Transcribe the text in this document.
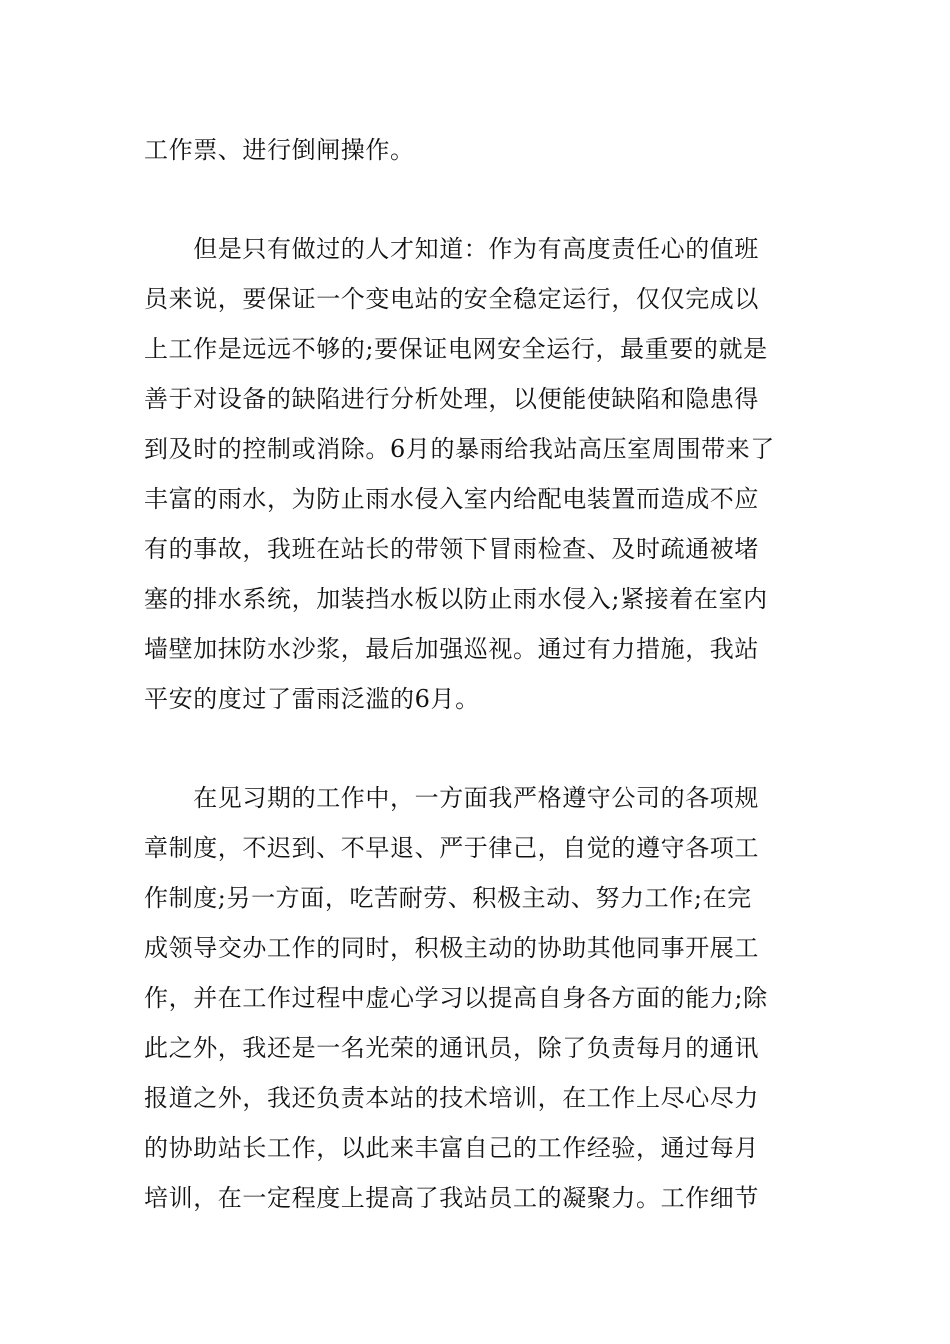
工作票、进行倒闸操作。
　　但是只有做过的人才知道：作为有高度责任心的值班
员来说，要保证一个变电站的安全稳定运行，仅仅完成以
上工作是远远不够的;要保证电网安全运行，最重要的就是
善于对设备的缺陷进行分析处理，以便能使缺陷和隐患得
到及时的控制或消除。6月的暴雨给我站高压室周围带来了
丰富的雨水，为防止雨水侵入室内给配电装置而造成不应
有的事故，我班在站长的带领下冒雨检查、及时疏通被堵
塞的排水系统，加装挡水板以防止雨水侵入;紧接着在室内
墙壁加抹防水沙浆，最后加强巡视。通过有力措施，我站
平安的度过了雷雨泛滥的6月。
　　在见习期的工作中，一方面我严格遵守公司的各项规
章制度，不迟到、不早退、严于律己，自觉的遵守各项工
作制度;另一方面，吃苦耐劳、积极主动、努力工作;在完
成领导交办工作的同时，积极主动的协助其他同事开展工
作，并在工作过程中虚心学习以提高自身各方面的能力;除
此之外，我还是一名光荣的通讯员，除了负责每月的通讯
报道之外，我还负责本站的技术培训，在工作上尽心尽力
的协助站长工作，以此来丰富自己的工作经验，通过每月
培训，在一定程度上提高了我站员工的凝聚力。工作细节
